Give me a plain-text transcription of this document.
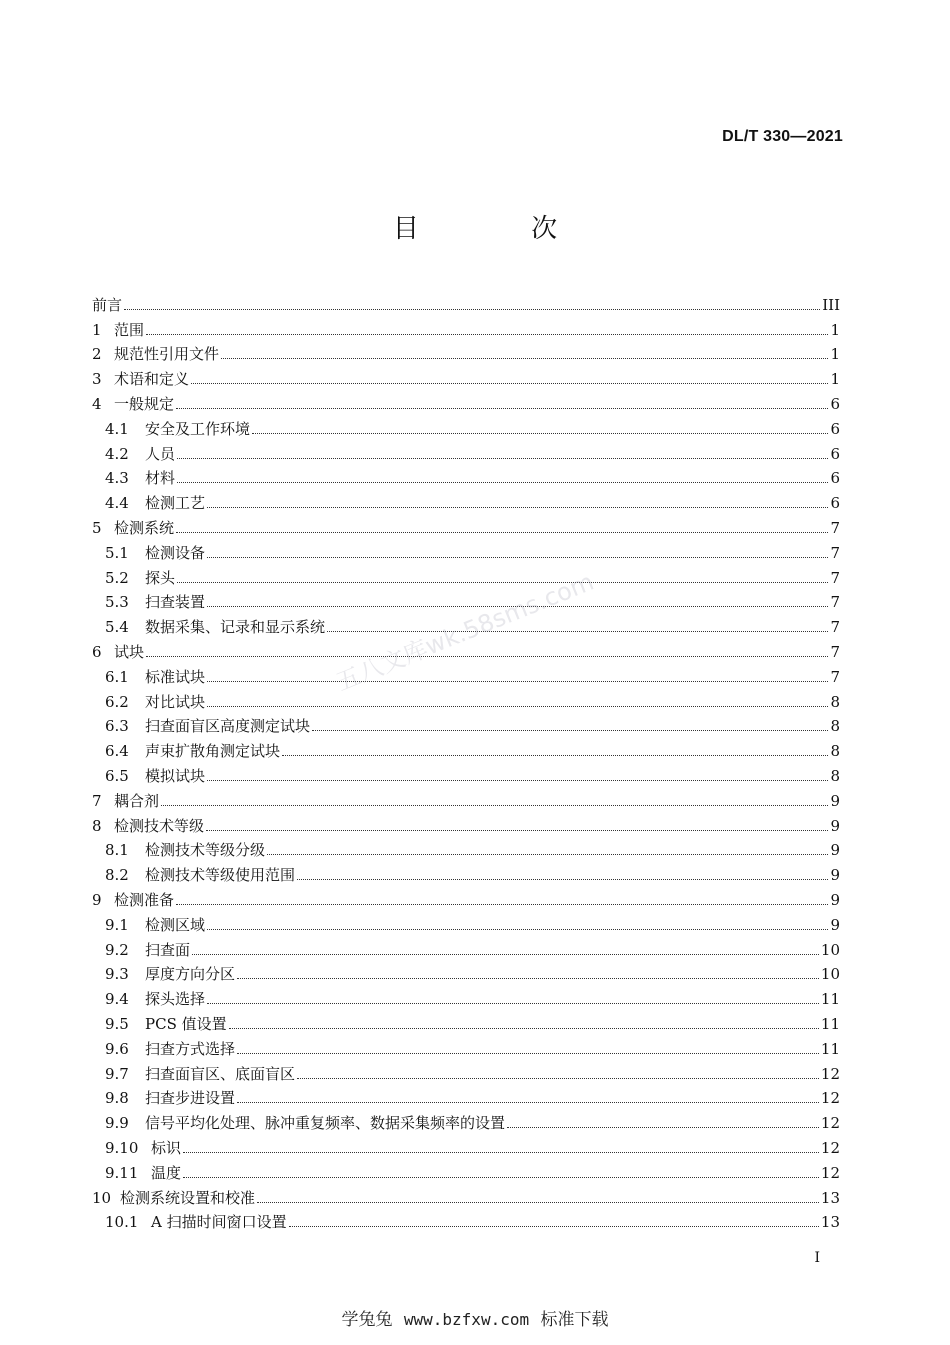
DL/T 330—2021
目 次
前言	III
1 范围	1
2 规范性引用文件	1
3 术语和定义	1
4 一般规定	6
4.1	安全及工作环境	6
4.2	人员	6
4.3	材料	6
4.4	检测工艺	6
5 检测系统	7
5.1	检测设备	7
5.2	探头	7
5.3	扫查装置	7
5.4	数据采集、记录和显示系统	7
6 试块	7
6.1	标准试块	7
6.2	对比试块	8
6.3	扫查面盲区高度测定试块	8
6.4	声束扩散角测定试块	8
6.5	模拟试块	8
7 耦合剂	9
8 检测技术等级	9
8.1	检测技术等级分级	9
8.2	检测技术等级使用范围	9
9 检测准备	9
9.1	检测区域	9
9.2	扫查面	10
9.3	厚度方向分区	10
9.4	探头选择	11
9.5	PCS 值设置	11
9.6	扫查方式选择	11
9.7	扫查面盲区、底面盲区	12
9.8	扫查步进设置	12
9.9	信号平均化处理、脉冲重复频率、数据采集频率的设置	12
9.10 标识	12
9.11 温度	12
10 检测系统设置和校准	13
10.1 A 扫描时间窗口设置	13
五八文库wk.58sms.com
I
学兔兔 www.bzfxw.com 标准下载
